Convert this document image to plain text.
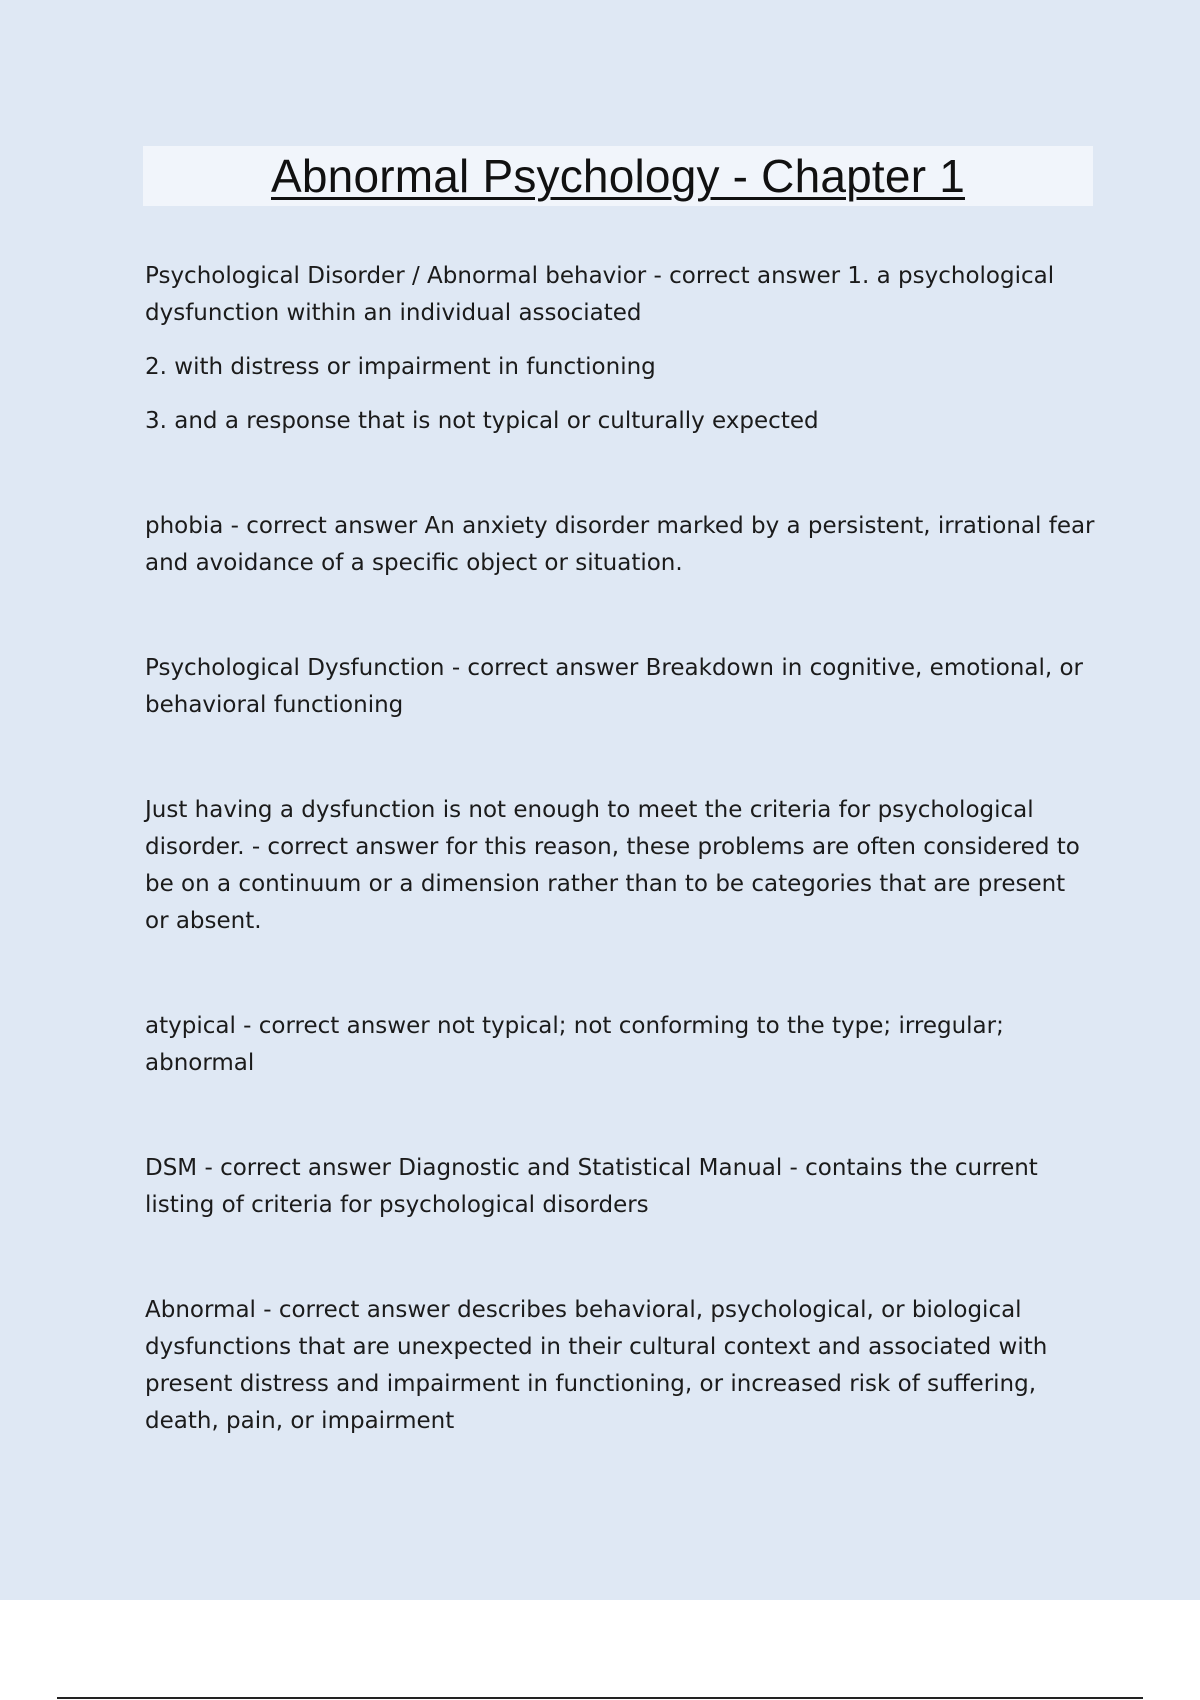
Abnormal Psychology - Chapter 1

Psychological Disorder / Abnormal behavior - correct answer 1. a psychological dysfunction within an individual associated

2. with distress or impairment in functioning

3. and a response that is not typical or culturally expected

phobia - correct answer An anxiety disorder marked by a persistent, irrational fear and avoidance of a specific object or situation.

Psychological Dysfunction - correct answer Breakdown in cognitive, emotional, or behavioral functioning

Just having a dysfunction is not enough to meet the criteria for psychological disorder. - correct answer for this reason, these problems are often considered to be on a continuum or a dimension rather than to be categories that are present or absent.

atypical - correct answer not typical; not conforming to the type; irregular; abnormal

DSM - correct answer Diagnostic and Statistical Manual - contains the current listing of criteria for psychological disorders

Abnormal - correct answer describes behavioral, psychological, or biological dysfunctions that are unexpected in their cultural context and associated with present distress and impairment in functioning, or increased risk of suffering, death, pain, or impairment
